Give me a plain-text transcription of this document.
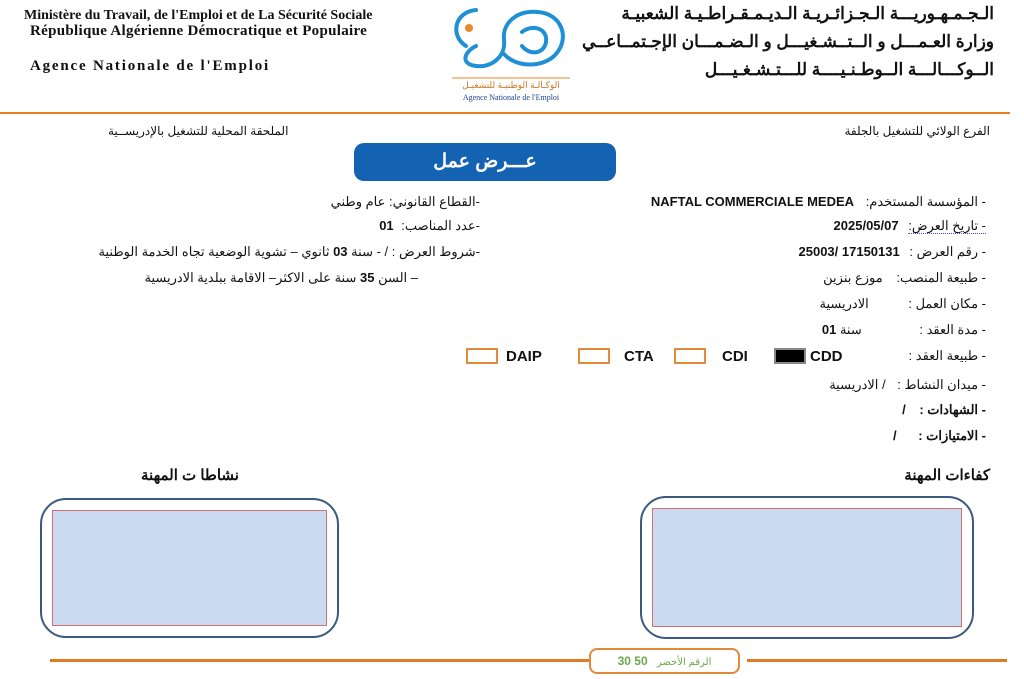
Ministère du Travail, de l'Emploi et de La Sécurité Sociale
République Algérienne Démocratique et Populaire
Agence Nationale de l'Emploi
الوكـالـة الوطنيـة للتشغيـل
Agence Nationale de l'Emploi
الـجـمـهـوريـــة الـجـزائـريـة الـديـمـقـراطـيـة الشعبيـة
وزارة العـمـــل و الــتــشـغيـــل و الـضـمـــان الإجـتمــاعــي
الــوكـــالـــة الــوطـنـيــــة للـــتـشـغـيـــل
الفرع الولائي للتشغيل بالجلفة
الملحقة المحلية للتشغيل بالإدريســية
عـــرض عمل
NAFTAL COMMERCIALE MEDEA - المؤسسة المستخدم:
2025/05/07 - تاريخ العرض:
25003/ 17150131 - رقم العرض :
موزع بنزين - طبيعة المنصب:
الادريسية	- مكان العمل :
01 سنة	- مدة العقد :
- طبيعة العقد :
DAIP	CTA	CDI	CDD
/ الادريسية - ميدان النشاط :
/ - الشهادات :
/ - الامتيازات :
عام وطني -القطاع القانوني:
01 -عدد المناصب:
-شروط العرض : / - سنة 03 ثانوي – تشوية الوضعية تجاه الخدمة الوطنية
– السن 35 سنة على الاكثر– الاقامة ببلدية الادريسية
كفاءات المهنة
نشاطا ت المهنة
30 50 الرقم الأخضر
